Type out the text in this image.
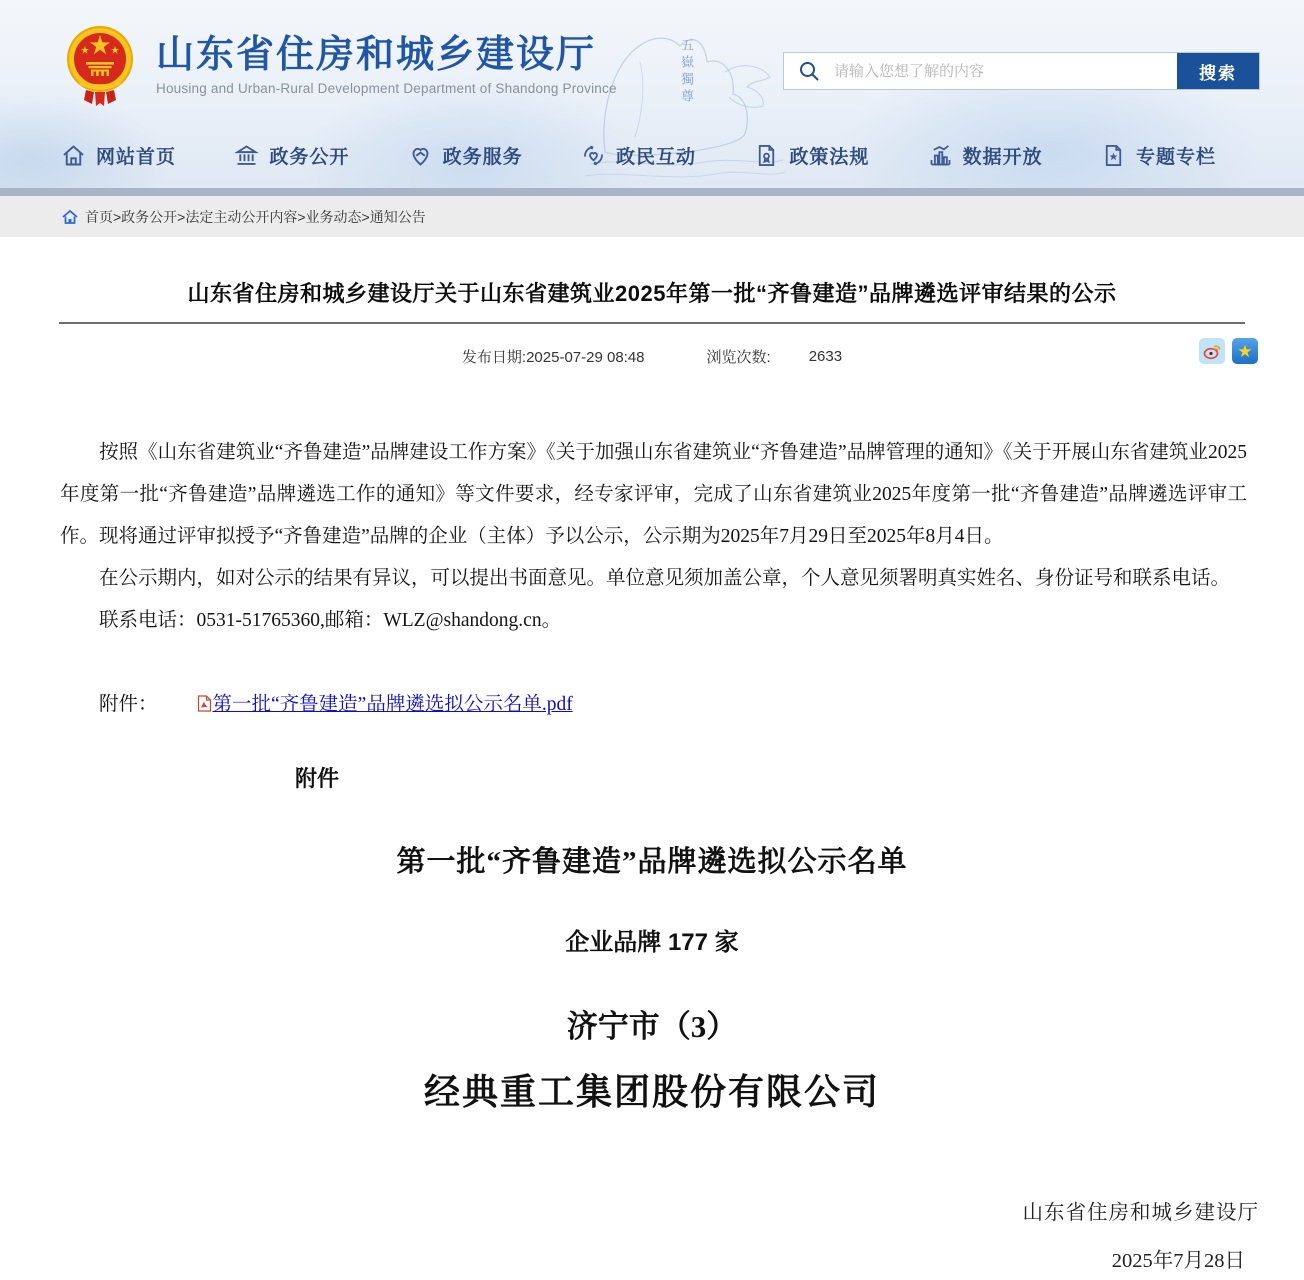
五嶽獨尊
山东省住房和城乡建设厅
Housing and Urban-Rural Development Department of Shandong Province
请输入您想了解的内容
搜索
网站首页	政务公开	政务服务	政民互动	政策法规	数据开放	专题专栏
首页>政务公开>法定主动公开内容>业务动态>通知公告
山东省住房和城乡建设厅关于山东省建筑业2025年第一批“齐鲁建造”品牌遴选评审结果的公示
发布日期:2025-07-29 08:48	浏览次数:	2633	★

按照《山东省建筑业“齐鲁建造”品牌建设工作方案》《关于加强山东省建筑业“齐鲁建造”品牌管理的通知》《关于开展山东省建筑业2025年度第一批“齐鲁建造”品牌遴选工作的通知》等文件要求，经专家评审，完成了山东省建筑业2025年度第一批“齐鲁建造”品牌遴选评审工作。现将通过评审拟授予“齐鲁建造”品牌的企业（主体）予以公示，公示期为2025年7月29日至2025年8月4日。

在公示期内，如对公示的结果有异议，可以提出书面意见。单位意见须加盖公章，个人意见须署明真实姓名、身份证号和联系电话。

联系电话：0531-51765360,邮箱：WLZ@shandong.cn。

附件：	第一批“齐鲁建造”品牌遴选拟公示名单.pdf
附件
第一批“齐鲁建造”品牌遴选拟公示名单
企业品牌 177 家
济宁市（3）
经典重工集团股份有限公司
山东省住房和城乡建设厅
2025年7月28日
